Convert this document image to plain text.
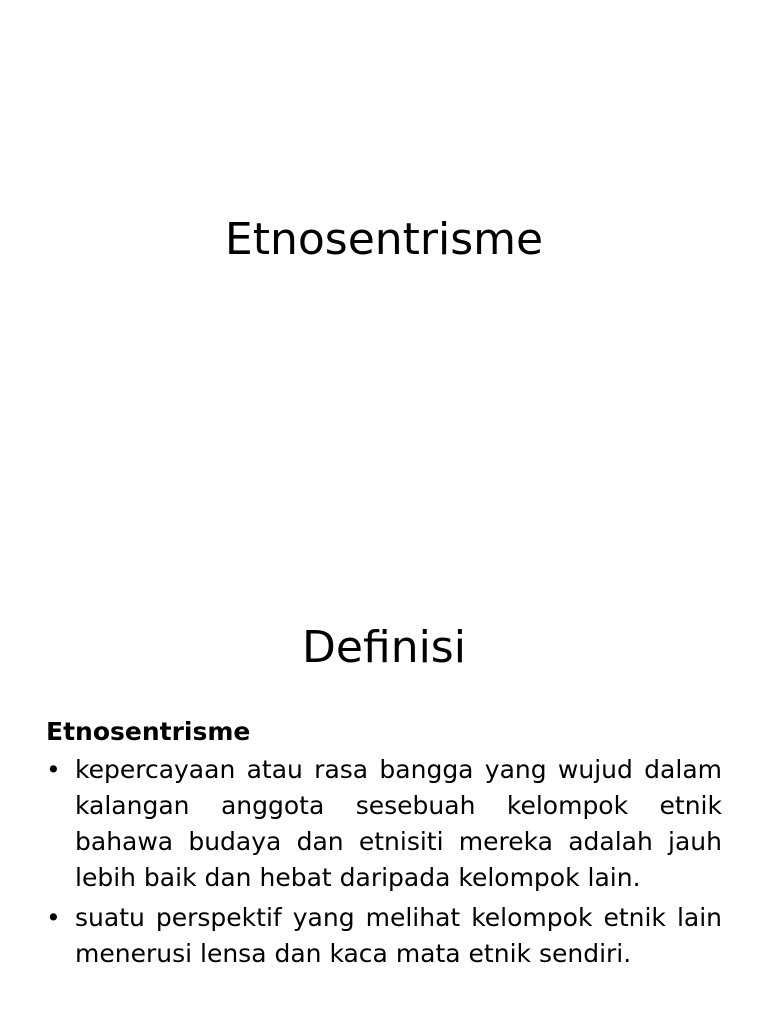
Etnosentrisme
Definisi
Etnosentrisme
• kepercayaan atau rasa bangga yang wujud dalam kalangan anggota sesebuah kelompok etnik bahawa budaya dan etnisiti mereka adalah jauh lebih baik dan hebat daripada kelompok lain.
• suatu perspektif yang melihat kelompok etnik lain menerusi lensa dan kaca mata etnik sendiri.
